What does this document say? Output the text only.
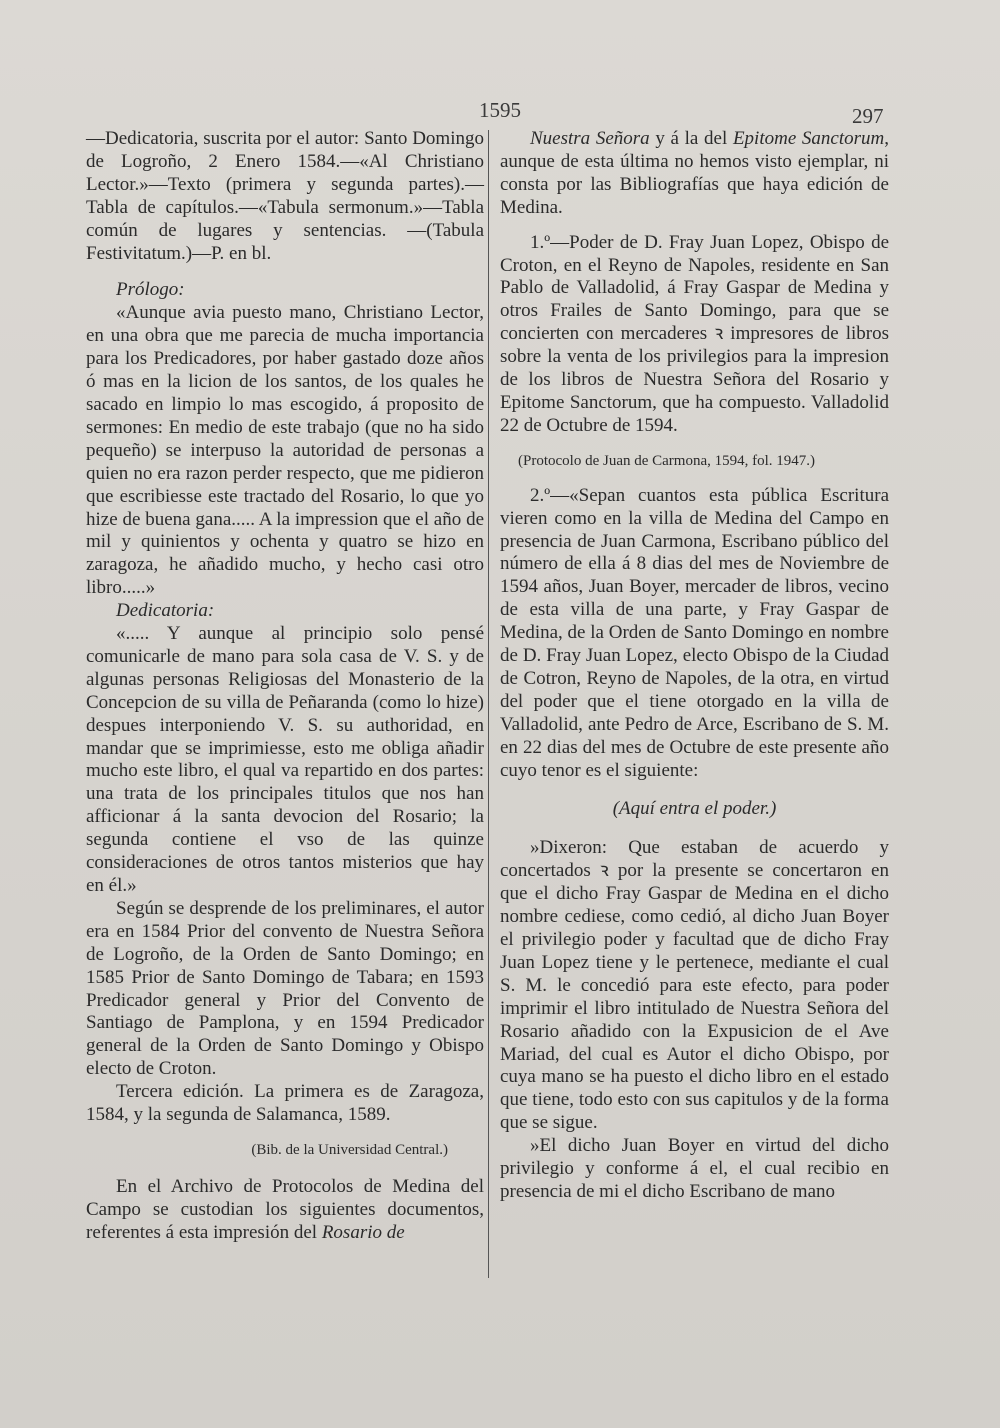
1595	297

—Dedicatoria, suscrita por el autor: Santo Domingo de Logroño, 2 Enero 1584.—«Al Christiano Lector.»—Texto (primera y segunda partes).—Tabla de capítulos.—«Tabula sermonum.»—Tabla común de lugares y sentencias. —(Tabula Festivitatum.)—P. en bl.

Prólogo:

«Aunque avia puesto mano, Christiano Lector, en una obra que me parecia de mucha importancia para los Predicadores, por haber gastado doze años ó mas en la licion de los santos, de los quales he sacado en limpio lo mas escogido, á proposito de sermones: En medio de este trabajo (que no ha sido pequeño) se interpuso la autoridad de personas a quien no era razon perder respecto, que me pidieron que escribiesse este tractado del Rosario, lo que yo hize de buena gana..... A la impression que el año de mil y quinientos y ochenta y quatro se hizo en zaragoza, he añadido mucho, y hecho casi otro libro.....»

Dedicatoria:

«..... Y aunque al principio solo pensé comunicarle de mano para sola casa de V. S. y de algunas personas Religiosas del Monasterio de la Concepcion de su villa de Peñaranda (como lo hize) despues interponiendo V. S. su authoridad, en mandar que se imprimiesse, esto me obliga añadir mucho este libro, el qual va repartido en dos partes: una trata de los principales titulos que nos han afficionar á la santa devocion del Rosario; la segunda contiene el vso de las quinze consideraciones de otros tantos misterios que hay en él.»

Según se desprende de los preliminares, el autor era en 1584 Prior del convento de Nuestra Señora de Logroño, de la Orden de Santo Domingo; en 1585 Prior de Santo Domingo de Tabara; en 1593 Predicador general y Prior del Convento de Santiago de Pamplona, y en 1594 Predicador general de la Orden de Santo Domingo y Obispo electo de Croton.

Tercera edición. La primera es de Zaragoza, 1584, y la segunda de Salamanca, 1589.

(Bib. de la Universidad Central.)

En el Archivo de Protocolos de Medina del Campo se custodian los siguientes documentos, referentes á esta impresión del Rosario de

Nuestra Señora y á la del Epitome Sanctorum, aunque de esta última no hemos visto ejemplar, ni consta por las Bibliografías que haya edición de Medina.

1.º—Poder de D. Fray Juan Lopez, Obispo de Croton, en el Reyno de Napoles, residente en San Pablo de Valladolid, á Fray Gaspar de Medina y otros Frailes de Santo Domingo, para que se concierten con mercaderes ꝛ impresores de libros sobre la venta de los privilegios para la impresion de los libros de Nuestra Señora del Rosario y Epitome Sanctorum, que ha compuesto. Valladolid 22 de Octubre de 1594.

(Protocolo de Juan de Carmona, 1594, fol. 1947.)

2.º—«Sepan cuantos esta pública Escritura vieren como en la villa de Medina del Campo en presencia de Juan Carmona, Escribano público del número de ella á 8 dias del mes de Noviembre de 1594 años, Juan Boyer, mercader de libros, vecino de esta villa de una parte, y Fray Gaspar de Medina, de la Orden de Santo Domingo en nombre de D. Fray Juan Lopez, electo Obispo de la Ciudad de Cotron, Reyno de Napoles, de la otra, en virtud del poder que el tiene otorgado en la villa de Valladolid, ante Pedro de Arce, Escribano de S. M. en 22 dias del mes de Octubre de este presente año cuyo tenor es el siguiente:

(Aquí entra el poder.)

»Dixeron: Que estaban de acuerdo y concertados ꝛ por la presente se concertaron en que el dicho Fray Gaspar de Medina en el dicho nombre cediese, como cedió, al dicho Juan Boyer el privilegio poder y facultad que de dicho Fray Juan Lopez tiene y le pertenece, mediante el cual S. M. le concedió para este efecto, para poder imprimir el libro intitulado de Nuestra Señora del Rosario añadido con la Expusicion de el Ave Mariad, del cual es Autor el dicho Obispo, por cuya mano se ha puesto el dicho libro en el estado que tiene, todo esto con sus capitulos y de la forma que se sigue.

»El dicho Juan Boyer en virtud del dicho privilegio y conforme á el, el cual recibio en presencia de mi el dicho Escribano de mano
